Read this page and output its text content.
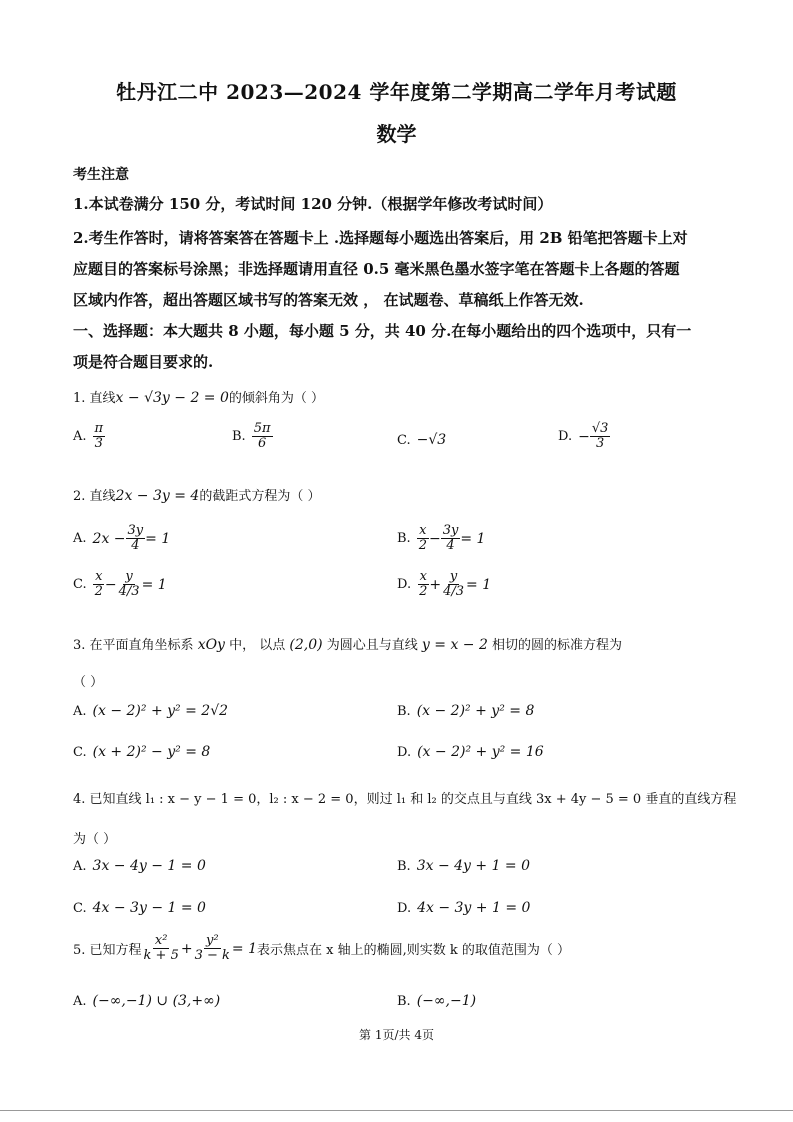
牡丹江二中 2023—2024 学年度第二学期高二学年月考试题
数学
考生注意
1.本试卷满分 150 分，考试时间 120 分钟.（根据学年修改考试时间）
2.考生作答时，请将答案答在答题卡上 .选择题每小题选出答案后，用 2B 铅笔把答题卡上对
应题目的答案标号涂黑；非选择题请用直径 0.5 毫米黑色墨水签字笔在答题卡上各题的答题
区域内作答，超出答题区域书写的答案无效 ， 在试题卷、草稿纸上作答无效.
一、选择题：本大题共 8 小题，每小题 5 分，共 40 分.在每小题给出的四个选项中，只有一
项是符合题目要求的.
1. 直线x − √3y − 2 = 0的倾斜角为（ ）
A. $\frac{\pi}{3}$	B. $\frac{5\pi}{6}$	C. −√3	D. − $\frac{√3}{3}$
2. 直线2x − 3y = 4的截距式方程为（ ）
A. $2x - \frac{3y}{4} = 1$	B. $\frac{x}{2} - \frac{3y}{4} = 1$
C. $\frac{x}{2} - \frac{y}{4/3} = 1$	D. $\frac{x}{2} + \frac{y}{4/3} = 1$
3. 在平面直角坐标系 xOy 中， 以点 (2,0) 为圆心且与直线 y = x − 2 相切的圆的标准方程为
（ ）
A. (x − 2)² + y² = 2√2	B. (x − 2)² + y² = 8
C. (x + 2)² − y² = 8	D. (x − 2)² + y² = 16
4. 已知直线 l₁ : x − y − 1 = 0，l₂ : x − 2 = 0，则过 l₁ 和 l₂ 的交点且与直线 3x + 4y − 5 = 0 垂直的直线方程
为（ ）
A. 3x − 4y − 1 = 0	B. 3x − 4y + 1 = 0
C. 4x − 3y − 1 = 0	D. 4x − 3y + 1 = 0
5. 已知方程 $\frac{\text{x²}}{k + 5} + \frac{\text{y²}}{3 - k} = 1$ 表示焦点在 x 轴上的椭圆,则实数 k 的取值范围为（ ）
A. (−∞,−1) ∪ (3,+∞)	B. (−∞,−1)
第 1页/共 4页
